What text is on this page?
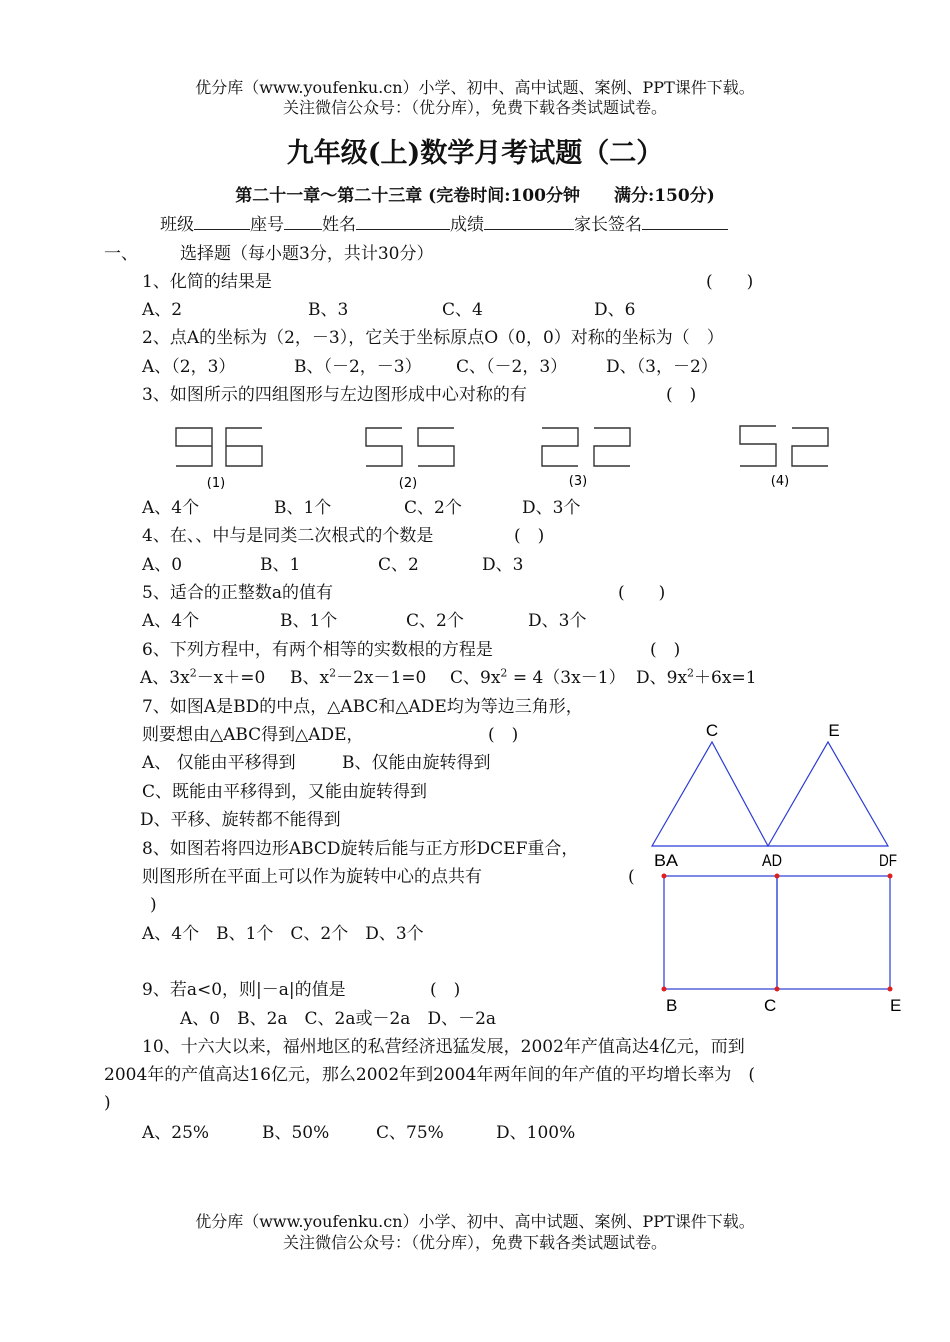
优分库（www.youfenku.cn）小学、初中、高中试题、案例、PPT课件下载。
关注微信公众号：（优分库），免费下载各类试题试卷。
九年级(上)数学月考试题（二）
第二十一章～第二十三章 (完卷时间:100分钟　　满分:150分)
班级	座号 姓名	成绩	家长签名
一、 选择题（每小题3分，共计30分）
1、化简的结果是	(　　)
A、2	B、3	C、4	D、6
2、点A的坐标为（2，－3），它关于坐标原点O（0，0）对称的坐标为（　）
A、（2，3）	B、（－2，－3） C、（－2，3） D、（3，－2）
3、如图所示的四组图形与左边图形成中心对称的有	(　)
(1)	(2)	(3)	(4)
A、4个	B、1个	C、2个	D、3个
4、在、、中与是同类二次根式的个数是	(　)
A、0	B、1	C、2	D、3
5、适合的正整数a的值有	(　　)
A、4个	B、1个	C、2个	D、3个
6、下列方程中，有两个相等的实数根的方程是	(　)
A、$3x^2-x+=0$ B、$x^2-2x-1=0$ C、$9x^2 = 4(3x-1)$ D、$9x^2+6x=1$
7、如图A是BD的中点，△ABC和△ADE均为等边三角形，
则要想由△ABC得到△ADE，	(　)
A、 仅能由平移得到	B、仅能由旋转得到
C、既能由平移得到，又能由旋转得到
D、平移、旋转都不能得到
C	E
BA	AD	DF
B	C	E
8、如图若将四边形ABCD旋转后能与正方形DCEF重合，
则图形所在平面上可以作为旋转中心的点共有	(
)
A、4个　B、1个　C、2个　D、3个
9、若a<0，则|－a|的值是	(　)
A、0　B、2a　C、2a或－2a　D、－2a
10、十六大以来，福州地区的私营经济迅猛发展，2002年产值高达4亿元，而到
2004年的产值高达16亿元，那么2002年到2004年两年间的年产值的平均增长率为　(
)
A、25%	B、50%	C、75%	D、100%
优分库（www.youfenku.cn）小学、初中、高中试题、案例、PPT课件下载。
关注微信公众号：（优分库），免费下载各类试题试卷。
